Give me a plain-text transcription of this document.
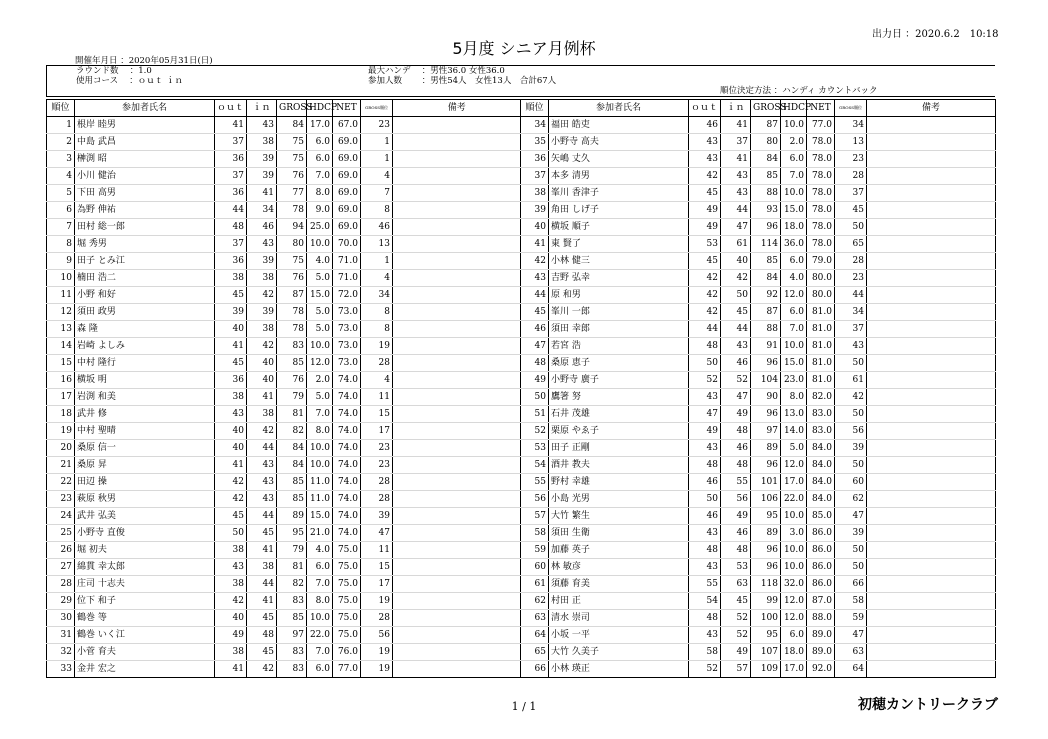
出力日 ：2020.6.2　10:18
5月度 シニア月例杯
開催年月日 ：2020年05月31日(日)
ラウンド数 　：1.0
使用コース 　：ｏｕｔ ｉｎ
最大ハンデ 　：男性36.0 女性36.0
参加人数 　　：男性54人　女性13人　合計67人
順位決定方法 ：ハンディ カウントバック
順位	参加者氏名	ｏｕｔ	ｉｎ	GROSS	HDCP	NET	GROSS順位	備考
1	根岸 睦男	41	43	84	17.0	67.0	23	
2	中島 武昌	37	38	75	6.0	69.0	1	
3	榊渕 昭	36	39	75	6.0	69.0	1	
4	小川 健治	37	39	76	7.0	69.0	4	
5	下田 高男	36	41	77	8.0	69.0	7	
6	為野 伸祐	44	34	78	9.0	69.0	8	
7	田村 総一郎	48	46	94	25.0	69.0	46	
8	堀 秀男	37	43	80	10.0	70.0	13	
9	田子 とみ江	36	39	75	4.0	71.0	1	
10	楠田 浩二	38	38	76	5.0	71.0	4	
11	小野 和好	45	42	87	15.0	72.0	34	
12	須田 政男	39	39	78	5.0	73.0	8	
13	森 隆	40	38	78	5.0	73.0	8	
14	岩崎 よしみ	41	42	83	10.0	73.0	19	
15	中村 隆行	45	40	85	12.0	73.0	28	
16	横坂 明	36	40	76	2.0	74.0	4	
17	岩渕 和美	38	41	79	5.0	74.0	11	
18	武井 修	43	38	81	7.0	74.0	15	
19	中村 聖晴	40	42	82	8.0	74.0	17	
20	桑原 信一	40	44	84	10.0	74.0	23	
21	桑原 昇	41	43	84	10.0	74.0	23	
22	田辺 操	42	43	85	11.0	74.0	28	
23	萩原 秋男	42	43	85	11.0	74.0	28	
24	武井 弘美	45	44	89	15.0	74.0	39	
25	小野寺 直俊	50	45	95	21.0	74.0	47	
26	堀 初夫	38	41	79	4.0	75.0	11	
27	綿貫 幸太郎	43	38	81	6.0	75.0	15	
28	庄司 十志夫	38	44	82	7.0	75.0	17	
29	位下 和子	42	41	83	8.0	75.0	19	
30	鶴巻 等	40	45	85	10.0	75.0	28	
31	鶴巻 いく江	49	48	97	22.0	75.0	56	
32	小菅 育夫	38	45	83	7.0	76.0	19	
33	金井 宏之	41	42	83	6.0	77.0	19	
順位	参加者氏名	ｏｕｔ	ｉｎ	GROSS	HDCP	NET	GROSS順位	備考
34	福田 皓吏	46	41	87	10.0	77.0	34	
35	小野寺 高夫	43	37	80	2.0	78.0	13	
36	矢嶋 丈久	43	41	84	6.0	78.0	23	
37	本多 清男	42	43	85	7.0	78.0	28	
38	峯川 香津子	45	43	88	10.0	78.0	37	
39	角田 しげ子	49	44	93	15.0	78.0	45	
40	横坂 順子	49	47	96	18.0	78.0	50	
41	東 賢了	53	61	114	36.0	78.0	65	
42	小林 健三	45	40	85	6.0	79.0	28	
43	吉野 弘幸	42	42	84	4.0	80.0	23	
44	原 和男	42	50	92	12.0	80.0	44	
45	峯川 一郎	42	45	87	6.0	81.0	34	
46	須田 幸郎	44	44	88	7.0	81.0	37	
47	若宮 浩	48	43	91	10.0	81.0	43	
48	桑原 恵子	50	46	96	15.0	81.0	50	
49	小野寺 廣子	52	52	104	23.0	81.0	61	
50	鷹箸 努	43	47	90	8.0	82.0	42	
51	石井 茂雄	47	49	96	13.0	83.0	50	
52	栗原 やゑ子	49	48	97	14.0	83.0	56	
53	田子 正剛	43	46	89	5.0	84.0	39	
54	酒井 教夫	48	48	96	12.0	84.0	50	
55	野村 幸雄	46	55	101	17.0	84.0	60	
56	小島 光男	50	56	106	22.0	84.0	62	
57	大竹 繁生	46	49	95	10.0	85.0	47	
58	須田 生衛	43	46	89	3.0	86.0	39	
59	加藤 英子	48	48	96	10.0	86.0	50	
60	林 敏彦	43	53	96	10.0	86.0	50	
61	須藤 育美	55	63	118	32.0	86.0	66	
62	村田 正	54	45	99	12.0	87.0	58	
63	清水 崇司	48	52	100	12.0	88.0	59	
64	小坂 一平	43	52	95	6.0	89.0	47	
65	大竹 久美子	58	49	107	18.0	89.0	63	
66	小林 瑛正	52	57	109	17.0	92.0	64	
1 / 1	初穂カントリークラブ
